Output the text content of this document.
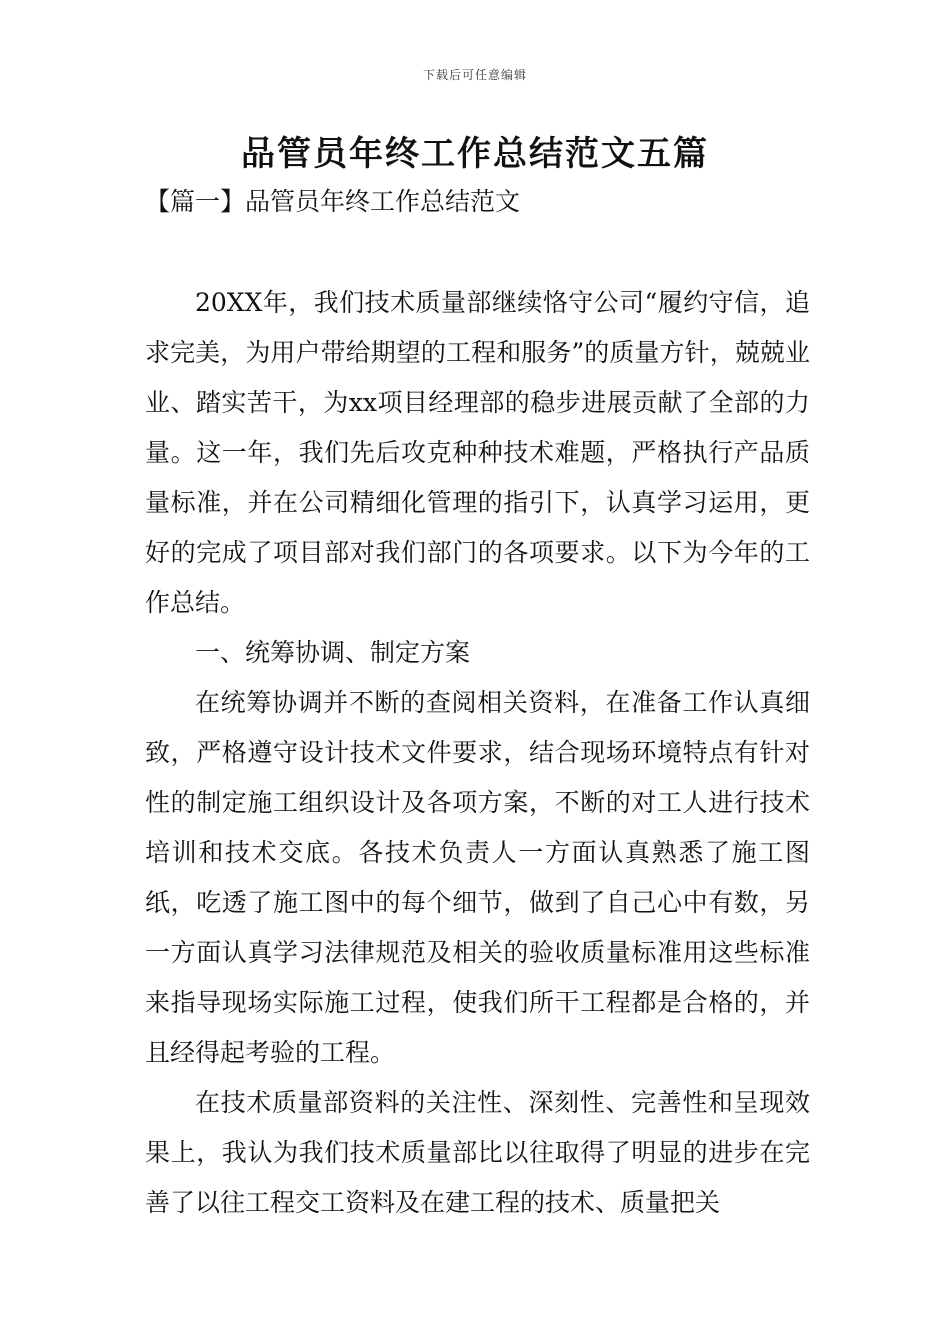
下载后可任意编辑
品管员年终工作总结范文五篇
【篇一】品管员年终工作总结范文

20XX年，我们技术质量部继续恪守公司“履约守信，追求完美，为用户带给期望的工程和服务”的质量方针，兢兢业业、踏实苦干，为xx项目经理部的稳步进展贡献了全部的力量。这一年，我们先后攻克种种技术难题，严格执行产品质量标准，并在公司精细化管理的指引下，认真学习运用，更好的完成了项目部对我们部门的各项要求。以下为今年的工作总结。

一、统筹协调、制定方案

在统筹协调并不断的查阅相关资料，在准备工作认真细致，严格遵守设计技术文件要求，结合现场环境特点有针对性的制定施工组织设计及各项方案，不断的对工人进行技术培训和技术交底。各技术负责人一方面认真熟悉了施工图纸，吃透了施工图中的每个细节，做到了自己心中有数，另一方面认真学习法律规范及相关的验收质量标准用这些标准来指导现场实际施工过程，使我们所干工程都是合格的，并且经得起考验的工程。

在技术质量部资料的关注性、深刻性、完善性和呈现效果上，我认为我们技术质量部比以往取得了明显的进步在完善了以往工程交工资料及在建工程的技术、质量把关
